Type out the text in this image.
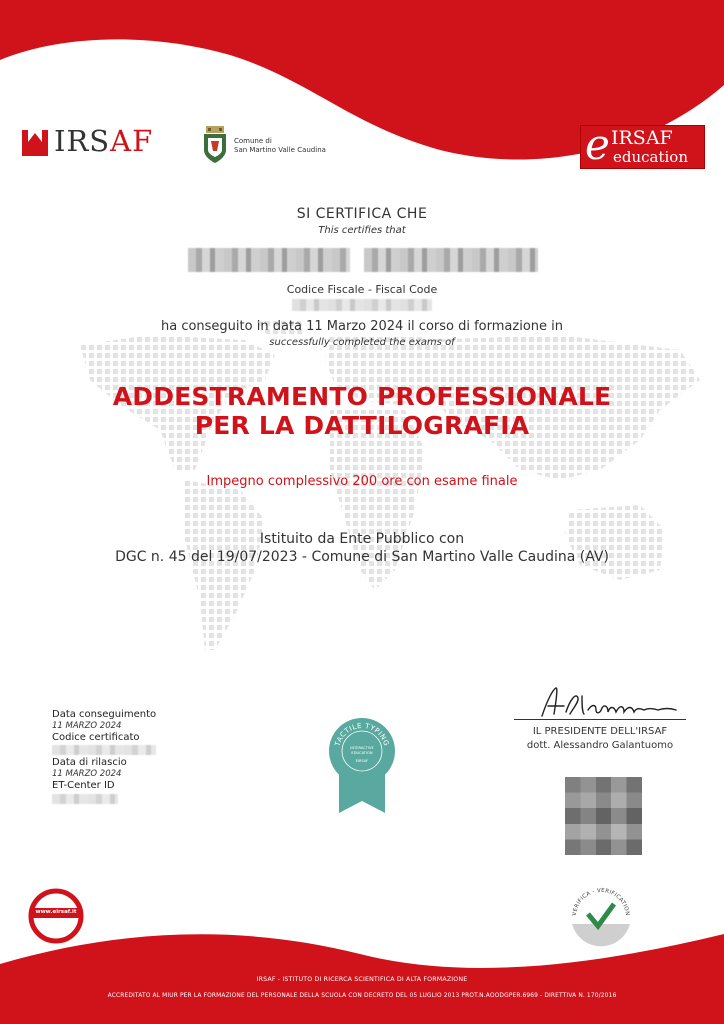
IRSAF	Comune di
San Martino Valle Caudina	e IRSAF
education
SI CERTIFICA CHE
This certifies that
Codice Fiscale - Fiscal Code
ha conseguito in data 11 Marzo 2024 il corso di formazione in
successfully completed the exams of
ADDESTRAMENTO PROFESSIONALE
PER LA DATTILOGRAFIA
Impegno complessivo 200 ore con esame finale
Istituito da Ente Pubblico con
DGC n. 45 del 19/07/2023 - Comune di San Martino Valle Caudina (AV)
Data conseguimento
11 MARZO 2024
Codice certificato
Data di rilascio
11 MARZO 2024
ET-Center ID
TACTILE TYPING
INTERACTIVE
EDUCATION
EIRSAF
IL PRESIDENTE DELL'IRSAF
dott. Alessandro Galantuomo
www.eirsaf.it	VERIFICA - VERIFICATION
IRSAF - ISTITUTO DI RICERCA SCIENTIFICA DI ALTA FORMAZIONE
ACCREDITATO AL MIUR PER LA FORMAZIONE DEL PERSONALE DELLA SCUOLA CON DECRETO DEL 05 LUGLIO 2013 PROT.N.AOODGPER.6969 - DIRETTIVA N. 170/2016
